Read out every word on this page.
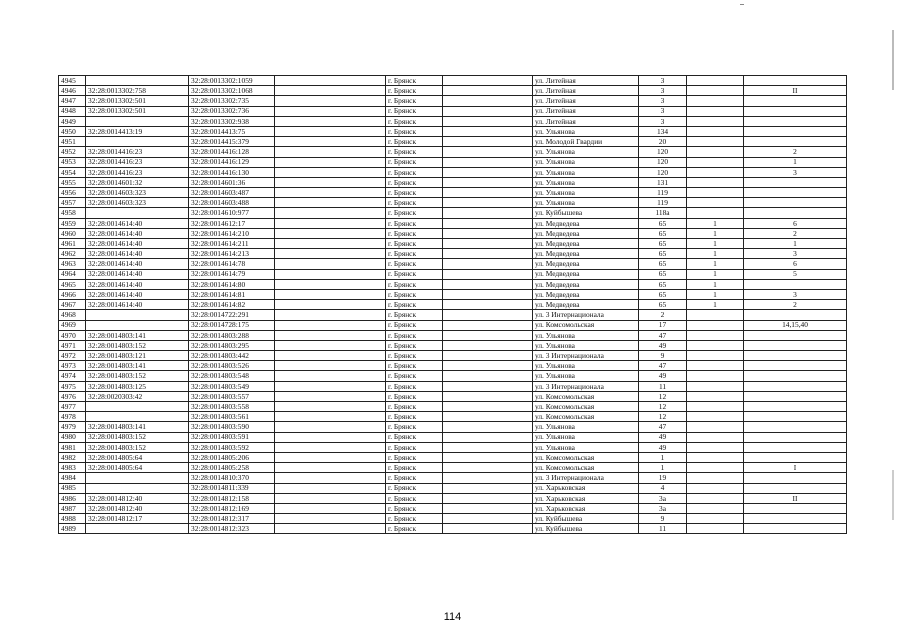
4945		32:28:0013302:1059		г. Брянск		ул. Литейная	3		
4946	32:28:0013302:758	32:28:0013302:1068		г. Брянск		ул. Литейная	3		II
4947	32:28:0013302:501	32:28:0013302:735		г. Брянск		ул. Литейная	3		
4948	32:28:0013302:501	32:28:0013302:736		г. Брянск		ул. Литейная	3		
4949		32:28:0013302:938		г. Брянск		ул. Литейная	3		
4950	32:28:0014413:19	32:28:0014413:75		г. Брянск		ул. Ульянова	134		
4951		32:28:0014415:379		г. Брянск		ул. Молодой Гвардии	20		
4952	32:28:0014416:23	32:28:0014416:128		г. Брянск		ул. Ульянова	120		2
4953	32:28:0014416:23	32:28:0014416:129		г. Брянск		ул. Ульянова	120		1
4954	32:28:0014416:23	32:28:0014416:130		г. Брянск		ул. Ульянова	120		3
4955	32:28:0014601:32	32:28:0014601:36		г. Брянск		ул. Ульянова	131		
4956	32:28:0014603:323	32:28:0014603:487		г. Брянск		ул. Ульянова	119		
4957	32:28:0014603:323	32:28:0014603:488		г. Брянск		ул. Ульянова	119		
4958		32:28:0014610:977		г. Брянск		ул. Куйбышева	118а		
4959	32:28:0014614:40	32:28:0014612:17		г. Брянск		ул. Медведева	65	1	6
4960	32:28:0014614:40	32:28:0014614:210		г. Брянск		ул. Медведева	65	1	2
4961	32:28:0014614:40	32:28:0014614:211		г. Брянск		ул. Медведева	65	1	1
4962	32:28:0014614:40	32:28:0014614:213		г. Брянск		ул. Медведева	65	1	3
4963	32:28:0014614:40	32:28:0014614:78		г. Брянск		ул. Медведева	65	1	6
4964	32:28:0014614:40	32:28:0014614:79		г. Брянск		ул. Медведева	65	1	5
4965	32:28:0014614:40	32:28:0014614:80		г. Брянск		ул. Медведева	65	1	
4966	32:28:0014614:40	32:28:0014614:81		г. Брянск		ул. Медведева	65	1	3
4967	32:28:0014614:40	32:28:0014614:82		г. Брянск		ул. Медведева	65	1	2
4968		32:28:0014722:291		г. Брянск		ул. 3 Интернационала	2		
4969		32:28:0014728:175		г. Брянск		ул. Комсомольская	17		14,15,40
4970	32:28:0014803:141	32:28:0014803:288		г. Брянск		ул. Ульянова	47		
4971	32:28:0014803:152	32:28:0014803:295		г. Брянск		ул. Ульянова	49		
4972	32:28:0014803:121	32:28:0014803:442		г. Брянск		ул. 3 Интернационала	9		
4973	32:28:0014803:141	32:28:0014803:526		г. Брянск		ул. Ульянова	47		
4974	32:28:0014803:152	32:28:0014803:548		г. Брянск		ул. Ульянова	49		
4975	32:28:0014803:125	32:28:0014803:549		г. Брянск		ул. 3 Интернационала	11		
4976	32:28:0020303:42	32:28:0014803:557		г. Брянск		ул. Комсомольская	12		
4977		32:28:0014803:558		г. Брянск		ул. Комсомольская	12		
4978		32:28:0014803:561		г. Брянск		ул. Комсомольская	12		
4979	32:28:0014803:141	32:28:0014803:590		г. Брянск		ул. Ульянова	47		
4980	32:28:0014803:152	32:28:0014803:591		г. Брянск		ул. Ульянова	49		
4981	32:28:0014803:152	32:28:0014803:592		г. Брянск		ул. Ульянова	49		
4982	32:28:0014805:64	32:28:0014805:206		г. Брянск		ул. Комсомольская	1		
4983	32:28:0014805:64	32:28:0014805:258		г. Брянск		ул. Комсомольская	1		I
4984		32:28:0014810:370		г. Брянск		ул. 3 Интернационала	19		
4985		32:28:0014811:339		г. Брянск		ул. Харьковская	4		
4986	32:28:0014812:40	32:28:0014812:158		г. Брянск		ул. Харьковская	3а		II
4987	32:28:0014812:40	32:28:0014812:169		г. Брянск		ул. Харьковская	3а		
4988	32:28:0014812:17	32:28:0014812:317		г. Брянск		ул. Куйбышева	9		
4989		32:28:0014812:323		г. Брянск		ул. Куйбышева	11		
114
